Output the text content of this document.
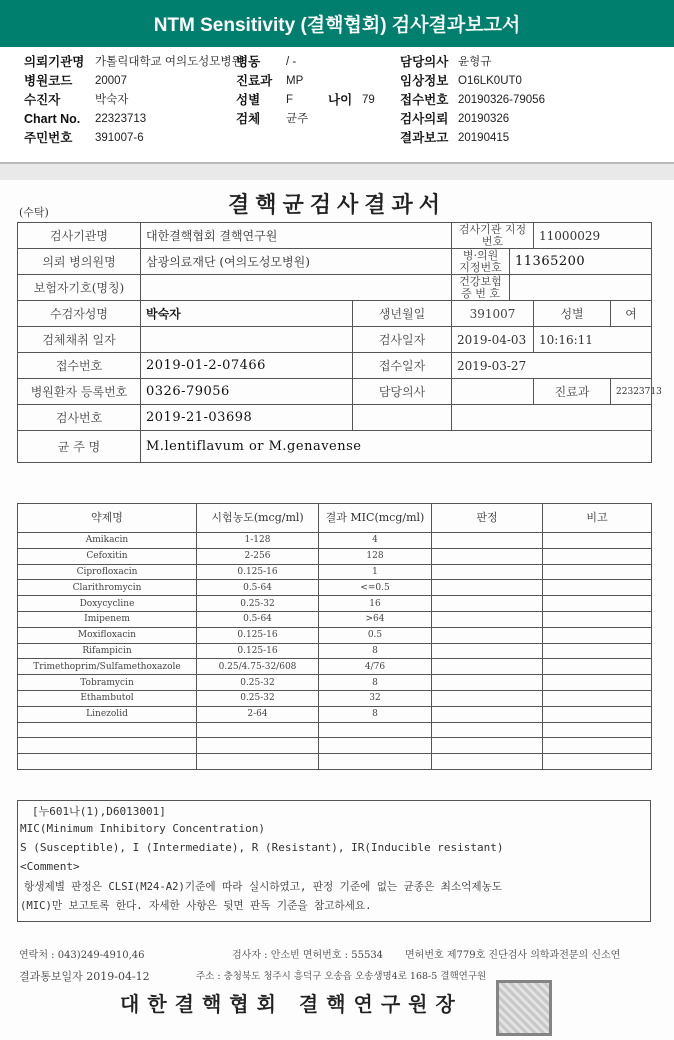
NTM Sensitivity (결핵협회) 검사결과보고서
의뢰기관명 가톨릭대학교 여의도성모병원
병동 / -	담당의사 윤형규
병원코드 20007	진료과 MP	임상정보 O16LK0UT0
수진자	박숙자	성별 F	나이 79 접수번호 20190326-79056
Chart No. 22323713	검체 균주	검사의뢰 20190326
주민번호 391007-6	결과보고 20190415
결핵균검사결과서
(수탁)
검사기관명	대한결핵협회 결핵연구원		검사기관 지정번호		11000029	
의뢰 병의원명	삼광의료재단 (여의도성모병원)		병·의원 지정번호	11365200		
보험자기호(명칭)			건강보험 증 번 호			
수검자성명	박숙자	생년월일	391007		성별	여
검체채취 일자		검사일자	2019-04-03		10:16:11	
접수번호	2019-01-2-07466	접수일자	2019-03-27			
병원환자 등록번호	0326-79056	담당의사			진료과	22323713
검사번호	2019-21-03698					
균 주 명	M.lentiflavum or M.genavense					
약제명	시험농도(mcg/ml)	결과 MIC(mcg/ml)	판정	비고
Amikacin	1-128	4		
Cefoxitin	2-256	128		
Ciprofloxacin	0.125-16	1		
Clarithromycin	0.5-64	<=0.5		
Doxycycline	0.25-32	16		
Imipenem	0.5-64	>64		
Moxifloxacin	0.125-16	0.5		
Rifampicin	0.125-16	8		
Trimethoprim/Sulfamethoxazole	0.25/4.75-32/608	4/76		
Tobramycin	0.25-32	8		
Ethambutol	0.25-32	32		
Linezolid	2-64	8		

[누601나(1),D6013001]
MIC(Minimum Inhibitory Concentration)
S (Susceptible), I (Intermediate), R (Resistant), IR(Inducible resistant)
<Comment>
항생제별 판정은 CLSI(M24-A2)기준에 따라 실시하였고, 판정 기준에 없는 균종은 최소억제농도
(MIC)만 보고토록 한다. 자세한 사항은 뒷면 판독 기준을 참고하세요.
연락처 : 043)249-4910,46	검사자 : 안소빈 면허번호 : 55534 면허번호 제779호 진단검사 의학과전문의 신소연
결과통보일자 2019-04-12	주소 : 충청북도 청주시 흥덕구 오송읍 오송생명4로 168-5 결핵연구원
대한결핵협회 결핵연구원장
